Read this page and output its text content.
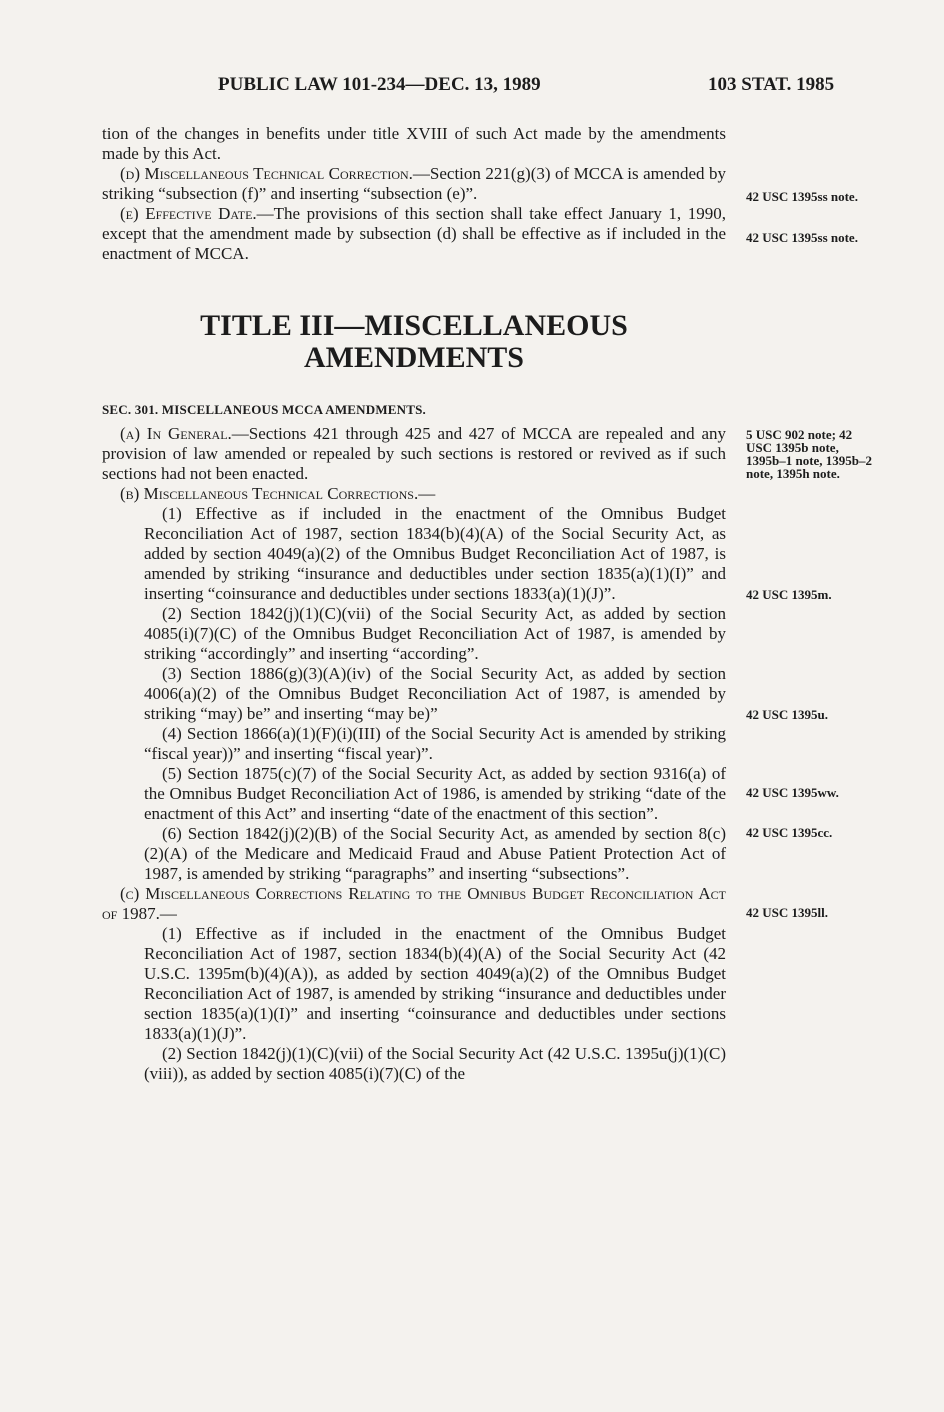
PUBLIC LAW 101-234—DEC. 13, 1989	103 STAT. 1985

tion of the changes in benefits under title XVIII of such Act made by the amendments made by this Act.

(d) Miscellaneous Technical Correction.—Section 221(g)(3) of MCCA is amended by striking “subsection (f)” and inserting “subsection (e)”.

(e) Effective Date.—The provisions of this section shall take effect January 1, 1990, except that the amendment made by subsection (d) shall be effective as if included in the enactment of MCCA.

TITLE III—MISCELLANEOUS

AMENDMENTS

SEC. 301. MISCELLANEOUS MCCA AMENDMENTS.

(a) In General.—Sections 421 through 425 and 427 of MCCA are repealed and any provision of law amended or repealed by such sections is restored or revived as if such sections had not been enacted.

(b) Miscellaneous Technical Corrections.—

(1) Effective as if included in the enactment of the Omnibus Budget Reconciliation Act of 1987, section 1834(b)(4)(A) of the Social Security Act, as added by section 4049(a)(2) of the Omnibus Budget Reconciliation Act of 1987, is amended by striking “insurance and deductibles under section 1835(a)(1)(I)” and inserting “coinsurance and deductibles under sections 1833(a)(1)(J)”.

(2) Section 1842(j)(1)(C)(vii) of the Social Security Act, as added by section 4085(i)(7)(C) of the Omnibus Budget Reconciliation Act of 1987, is amended by striking “accordingly” and inserting “according”.

(3) Section 1886(g)(3)(A)(iv) of the Social Security Act, as added by section 4006(a)(2) of the Omnibus Budget Reconciliation Act of 1987, is amended by striking “may) be” and inserting “may be)”

(4) Section 1866(a)(1)(F)(i)(III) of the Social Security Act is amended by striking “fiscal year))” and inserting “fiscal year)”.

(5) Section 1875(c)(7) of the Social Security Act, as added by section 9316(a) of the Omnibus Budget Reconciliation Act of 1986, is amended by striking “date of the enactment of this Act” and inserting “date of the enactment of this section”.

(6) Section 1842(j)(2)(B) of the Social Security Act, as amended by section 8(c)(2)(A) of the Medicare and Medicaid Fraud and Abuse Patient Protection Act of 1987, is amended by striking “paragraphs” and inserting “subsections”.

(c) Miscellaneous Corrections Relating to the Omnibus Budget Reconciliation Act of 1987.—

(1) Effective as if included in the enactment of the Omnibus Budget Reconciliation Act of 1987, section 1834(b)(4)(A) of the Social Security Act (42 U.S.C. 1395m(b)(4)(A)), as added by section 4049(a)(2) of the Omnibus Budget Reconciliation Act of 1987, is amended by striking “insurance and deductibles under section 1835(a)(1)(I)” and inserting “coinsurance and deductibles under sections 1833(a)(1)(J)”.

(2) Section 1842(j)(1)(C)(vii) of the Social Security Act (42 U.S.C. 1395u(j)(1)(C)(viii)), as added by section 4085(i)(7)(C) of the

42 USC 1395ss note.
42 USC 1395ss note.
5 USC 902 note; 42 USC 1395b note, 1395b–1 note, 1395b–2 note, 1395h note.
42 USC 1395m.
42 USC 1395u.
42 USC 1395ww.
42 USC 1395cc.
42 USC 1395ll.
